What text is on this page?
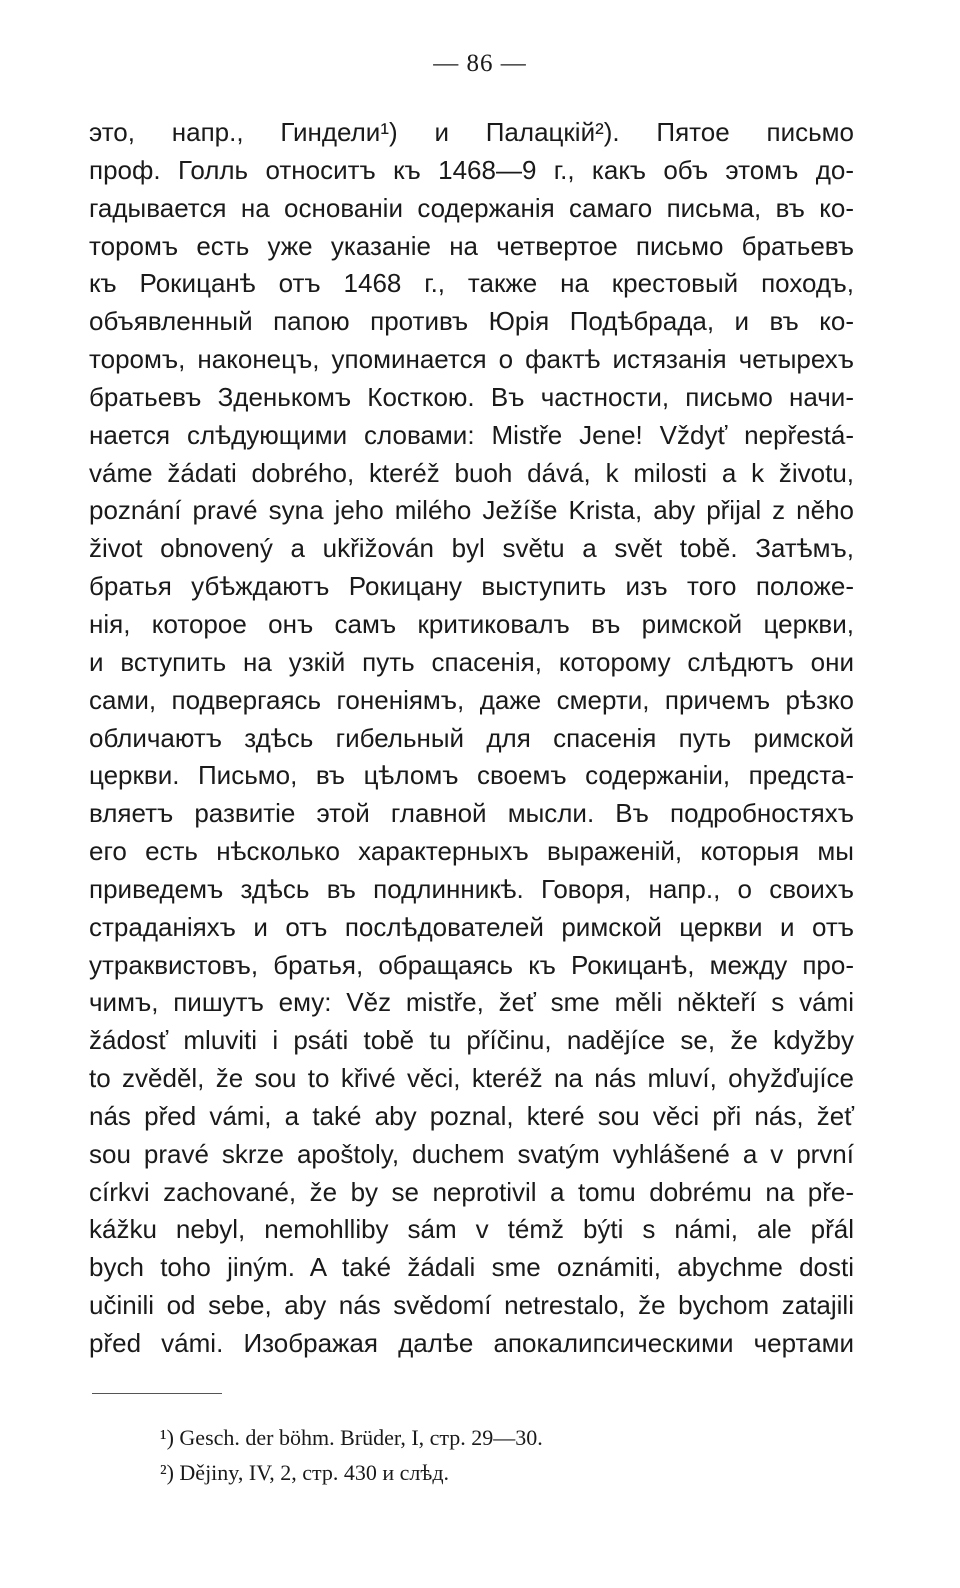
— 86 —
это, напр., Гиндели¹) и Палацкій²). Пятое письмо
проф. Голль относитъ къ 1468—9 г., какъ объ этомъ до-
гадывается на основаніи содержанія самаго письма, въ ко-
торомъ есть уже указаніе на четвертое письмо братьевъ
къ Рокицанѣ отъ 1468 г., также на крестовый походъ,
объявленный папою противъ Юрія Подѣбрада, и въ ко-
торомъ, наконецъ, упоминается о фактѣ истязанія четырехъ
братьевъ Зденькомъ Косткою. Въ частности, письмо начи-
нается слѣдующими словами: Mistře Jene! Vždyť nepřestá-
váme žádati dobrého, kteréž buoh dává, k milosti a k životu,
poznání pravé syna jeho milého Ježíše Krista, aby přijal z něho
život obnovený a ukřižován byl světu a svět tobě. Затѣмъ,
братья убѣждаютъ Рокицану выступить изъ того положе-
нія, которое онъ самъ критиковалъ въ римской церкви,
и вступить на узкій путь спасенія, которому слѣдютъ они
сами, подвергаясь гоненіямъ, даже смерти, причемъ рѣзко
обличаютъ здѣсь гибельный для спасенія путь римской
церкви. Письмо, въ цѣломъ своемъ содержаніи, предста-
вляетъ развитіе этой главной мысли. Въ подробностяхъ
его есть нѣсколько характерныхъ выраженій, которыя мы
приведемъ здѣсь въ подлинникѣ. Говоря, напр., о своихъ
страданіяхъ и отъ послѣдователей римской церкви и отъ
утраквистовъ, братья, обращаясь къ Рокицанѣ, между про-
чимъ, пишутъ ему: Věz mistře, žeť sme měli někteří s vámi
žádosť mluviti i psáti tobě tu příčinu, nadějíce se, že kdyžby
to zvěděl, že sou to křivé věci, kteréž na nás mluví, ohyžďujíce
nás před vámi, a také aby poznal, které sou věci při nás, žeť
sou pravé skrze apoštoly, duchem svatým vyhlášené a v první
církvi zachované, že by se neprotivil a tomu dobrému na pře-
kážku nebyl, nemohlliby sám v témž býti s námi, ale přál
bych toho jiným. A také žádali sme oznámiti, abychme dosti
učinili od sebe, aby nás svědomí netrestalo, že bychom zatajili
před vámi. Изображая далѣе апокалипсическими чертами
¹) Gesch. der böhm. Brüder, I, стр. 29—30.
²) Dějiny, IV, 2, стр. 430 и слѣд.
